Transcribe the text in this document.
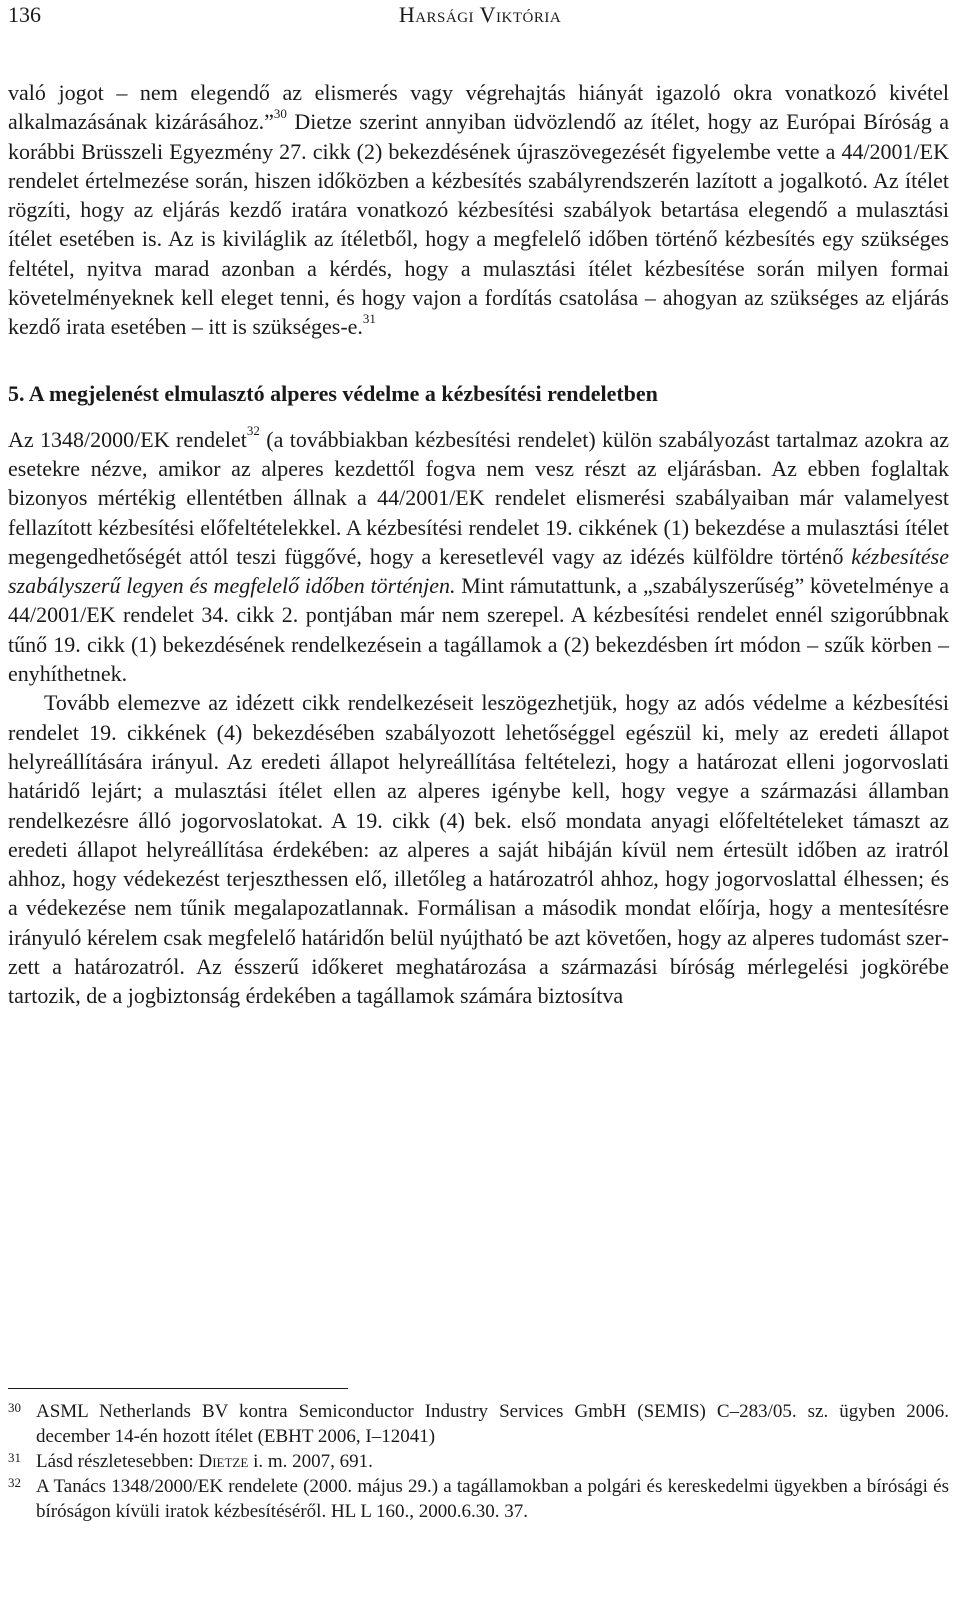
136	Harsági Viktória

való jogot – nem elegendő az elismerés vagy végrehajtás hiányát igazoló okra vonatkozó kivétel alkalmazásának kizárásához.”$^{30}$ Dietze szerint annyiban üdvözlendő az ítélet, hogy az Európai Bíróság a korábbi Brüsszeli Egyezmény 27. cikk (2) bekezdésének újraszövegezését figyelembe vette a 44/2001/EK rendelet értelmezése során, hiszen időközben a kézbesítés szabályrendszerén lazított a jogalkotó. Az ítélet rögzíti, hogy az eljárás kezdő iratára vonatkozó kézbesítési szabályok betartása elegendő a mulasztási ítélet esetében is. Az is kiviláglik az ítéletből, hogy a megfelelő időben történő kézbesítés egy szükséges feltétel, nyitva marad azonban a kérdés, hogy a mulasztási ítélet kézbesítése során milyen formai követelményeknek kell eleget tenni, és hogy vajon a fordítás csatolása – ahogyan az szükséges az eljárás kezdő irata esetében – itt is szükséges-e.$^{31}$

5. A megjelenést elmulasztó alperes védelme a kézbesítési rendeletben

Az 1348/2000/EK rendelet$^{32}$ (a továbbiakban kézbesítési rendelet) külön szabályozást tartalmaz azokra az esetekre nézve, amikor az alperes kezdettől fogva nem vesz részt az eljárásban. Az ebben foglaltak bizonyos mértékig ellentétben állnak a 44/2001/EK rendelet elismerési szabályaiban már valamelyest fellazított kézbesítési előfeltételekkel. A kézbesítési rendelet 19. cikkének (1) bekezdése a mulasztási ítélet megengedhetőségét attól teszi függővé, hogy a keresetlevél vagy az idézés külföldre történő kézbesítése szabályszerű legyen és megfelelő időben történjen. Mint rámutattunk, a „szabályszerűség” követelménye a 44/2001/EK rendelet 34. cikk 2. pontjában már nem szerepel. A kézbesítési rendelet ennél szigorúbbnak tűnő 19. cikk (1) bekezdésének rendelkezésein a tagállamok a (2) bekezdésben írt módon – szűk körben – enyhíthetnek.

Tovább elemezve az idézett cikk rendelkezéseit leszögezhetjük, hogy az adós védelme a kézbesítési rendelet 19. cikkének (4) bekezdésében szabályozott lehetőséggel egészül ki, mely az eredeti állapot helyreállítására irányul. Az eredeti állapot helyreállítása feltételezi, hogy a határozat elleni jogorvoslati határidő lejárt; a mulasztási ítélet ellen az alperes igénybe kell, hogy vegye a származási államban rendelkezésre álló jogorvoslatokat. A 19. cikk (4) bek. első mondata anyagi előfeltételeket támaszt az eredeti állapot helyreállítása érdekében: az alperes a saját hibáján kívül nem értesült időben az iratról ahhoz, hogy védekezést terjeszthessen elő, illetőleg a határozatról ahhoz, hogy jogorvoslattal élhessen; és a védekezése nem tűnik megalapozatlannak. Formálisan a második mondat előírja, hogy a mentesítésre irányuló kérelem csak megfelelő határidőn belül nyújtható be azt követően, hogy az alperes tudomást szerzett a határozatról. Az ésszerű időkeret meghatározása a származási bíróság mérlegelési jogkörébe tartozik, de a jogbiztonság érdekében a tagállamok számára biztosítva

30 ASML Netherlands BV kontra Semiconductor Industry Services GmbH (SEMIS) C–283/05. sz. ügyben 2006. december 14-én hozott ítélet (EBHT 2006, I–12041)
31 Lásd részletesebben: Dietze i. m. 2007, 691.
32 A Tanács 1348/2000/EK rendelete (2000. május 29.) a tagállamokban a polgári és kereskedelmi ügyekben a bírósági és bíróságon kívüli iratok kézbesítéséről. HL L 160., 2000.6.30. 37.
